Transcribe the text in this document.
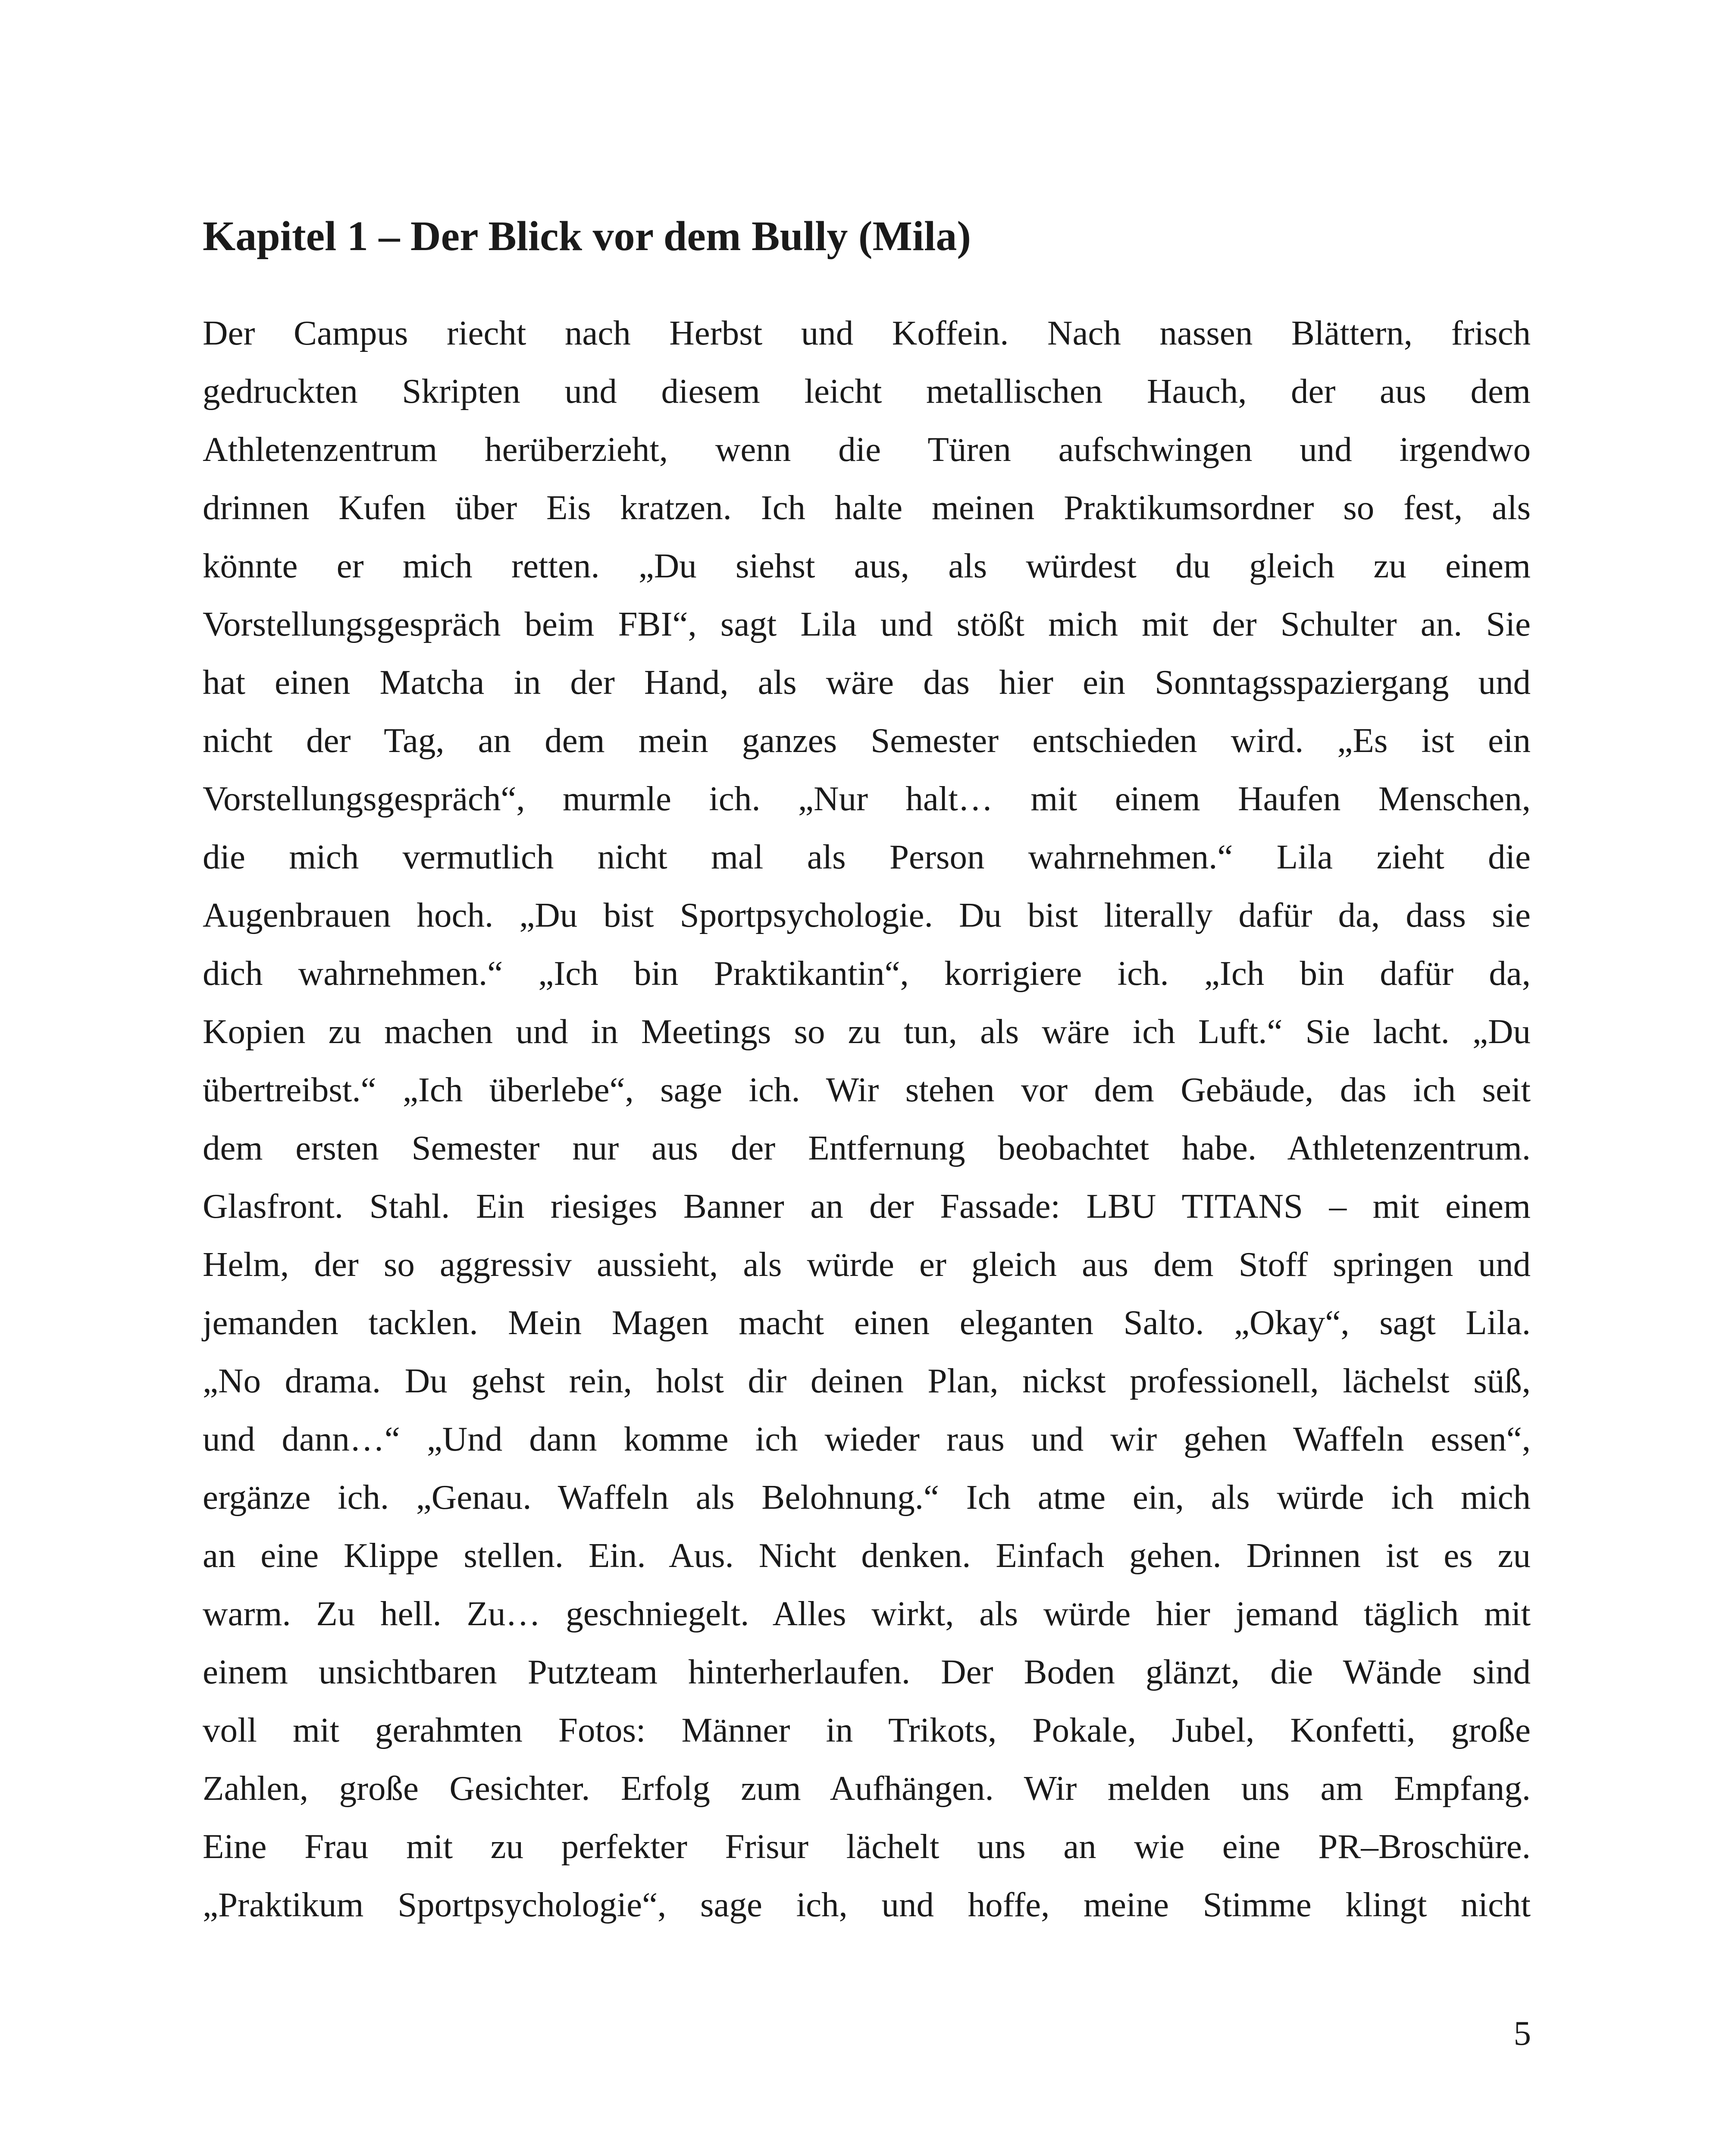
Kapitel 1 – Der Blick vor dem Bully (Mila)
Der Campus riecht nach Herbst und Koffein. Nach nassen Blättern, frisch
gedruckten Skripten und diesem leicht metallischen Hauch, der aus dem
Athletenzentrum herüberzieht, wenn die Türen aufschwingen und irgendwo
drinnen Kufen über Eis kratzen. Ich halte meinen Praktikumsordner so fest, als
könnte er mich retten. „Du siehst aus, als würdest du gleich zu einem
Vorstellungsgespräch beim FBI“, sagt Lila und stößt mich mit der Schulter an. Sie
hat einen Matcha in der Hand, als wäre das hier ein Sonntagsspaziergang und
nicht der Tag, an dem mein ganzes Semester entschieden wird. „Es ist ein
Vorstellungsgespräch“, murmle ich. „Nur halt… mit einem Haufen Menschen,
die mich vermutlich nicht mal als Person wahrnehmen.“ Lila zieht die
Augenbrauen hoch. „Du bist Sportpsychologie. Du bist literally dafür da, dass sie
dich wahrnehmen.“ „Ich bin Praktikantin“, korrigiere ich. „Ich bin dafür da,
Kopien zu machen und in Meetings so zu tun, als wäre ich Luft.“ Sie lacht. „Du
übertreibst.“ „Ich überlebe“, sage ich. Wir stehen vor dem Gebäude, das ich seit
dem ersten Semester nur aus der Entfernung beobachtet habe. Athletenzentrum.
Glasfront. Stahl. Ein riesiges Banner an der Fassade: LBU TITANS – mit einem
Helm, der so aggressiv aussieht, als würde er gleich aus dem Stoff springen und
jemanden tacklen. Mein Magen macht einen eleganten Salto. „Okay“, sagt Lila.
„No drama. Du gehst rein, holst dir deinen Plan, nickst professionell, lächelst süß,
und dann…“ „Und dann komme ich wieder raus und wir gehen Waffeln essen“,
ergänze ich. „Genau. Waffeln als Belohnung.“ Ich atme ein, als würde ich mich
an eine Klippe stellen. Ein. Aus. Nicht denken. Einfach gehen. Drinnen ist es zu
warm. Zu hell. Zu… geschniegelt. Alles wirkt, als würde hier jemand täglich mit
einem unsichtbaren Putzteam hinterherlaufen. Der Boden glänzt, die Wände sind
voll mit gerahmten Fotos: Männer in Trikots, Pokale, Jubel, Konfetti, große
Zahlen, große Gesichter. Erfolg zum Aufhängen. Wir melden uns am Empfang.
Eine Frau mit zu perfekter Frisur lächelt uns an wie eine PR–Broschüre.
„Praktikum Sportpsychologie“, sage ich, und hoffe, meine Stimme klingt nicht

5
